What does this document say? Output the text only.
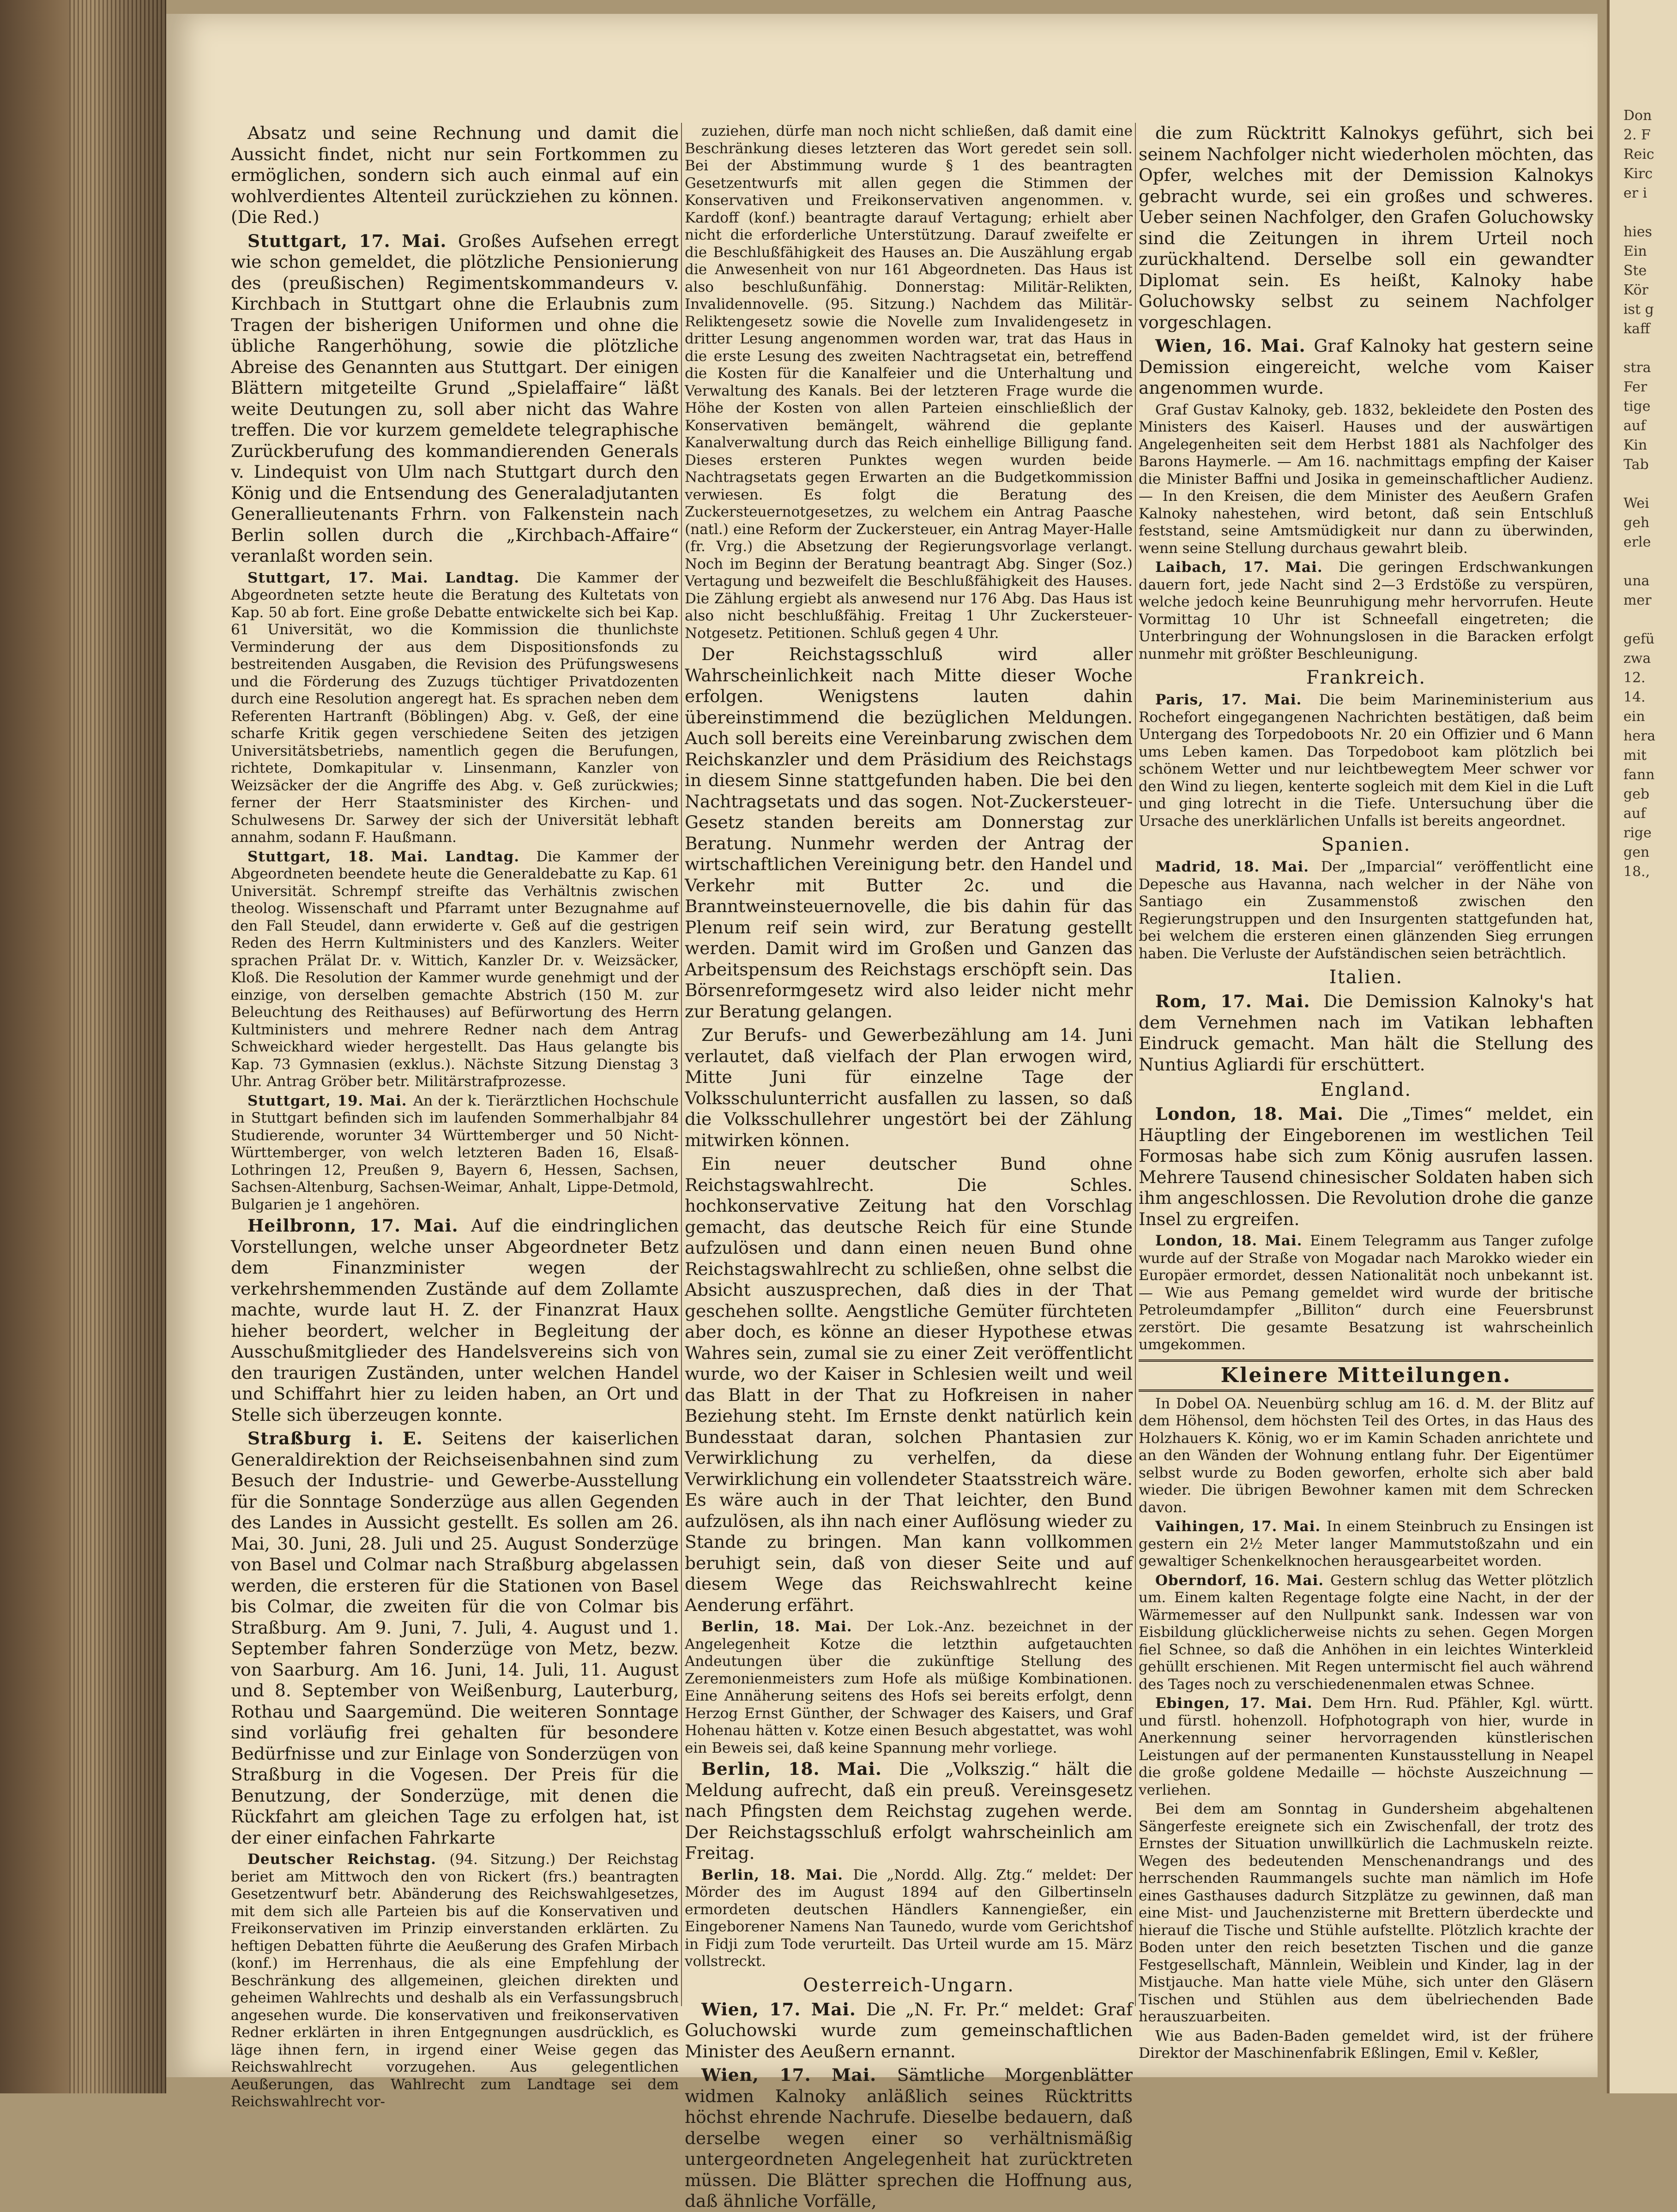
Absatz und seine Rechnung und damit die Aussicht findet, nicht nur sein Fortkommen zu ermöglichen, sondern sich auch einmal auf ein wohlverdientes Altenteil zurückziehen zu können. (Die Red.)

Stuttgart, 17. Mai. Großes Aufsehen erregt wie schon gemeldet, die plötzliche Pensionierung des (preußischen) Regimentskommandeurs v. Kirchbach in Stuttgart ohne die Erlaubnis zum Tragen der bisherigen Uniformen und ohne die übliche Rangerhöhung, sowie die plötzliche Abreise des Genannten aus Stuttgart. Der einigen Blättern mitgeteilte Grund „Spielaffaire“ läßt weite Deutungen zu, soll aber nicht das Wahre treffen. Die vor kurzem gemeldete telegraphische Zurückberufung des kommandierenden Generals v. Lindequist von Ulm nach Stuttgart durch den König und die Entsendung des Generaladjutanten Generallieutenants Frhrn. von Falkenstein nach Berlin sollen durch die „Kirchbach-Affaire“ veranlaßt worden sein.

Stuttgart, 17. Mai. Landtag. Die Kammer der Abgeordneten setzte heute die Beratung des Kultetats von Kap. 50 ab fort. Eine große Debatte entwickelte sich bei Kap. 61 Universität, wo die Kommission die thunlichste Verminderung der aus dem Dispositionsfonds zu bestreitenden Ausgaben, die Revision des Prüfungswesens und die Förderung des Zuzugs tüchtiger Privatdozenten durch eine Resolution angeregt hat. Es sprachen neben dem Referenten Hartranft (Böblingen) Abg. v. Geß, der eine scharfe Kritik gegen verschiedene Seiten des jetzigen Universitätsbetriebs, namentlich gegen die Berufungen, richtete, Domkapitular v. Linsenmann, Kanzler von Weizsäcker der die Angriffe des Abg. v. Geß zurückwies; ferner der Herr Staatsminister des Kirchen- und Schulwesens Dr. Sarwey der sich der Universität lebhaft annahm, sodann F. Haußmann.

Stuttgart, 18. Mai. Landtag. Die Kammer der Abgeordneten beendete heute die Generaldebatte zu Kap. 61 Universität. Schrempf streifte das Verhältnis zwischen theolog. Wissenschaft und Pfarramt unter Bezugnahme auf den Fall Steudel, dann erwiderte v. Geß auf die gestrigen Reden des Herrn Kultministers und des Kanzlers. Weiter sprachen Prälat Dr. v. Wittich, Kanzler Dr. v. Weizsäcker, Kloß. Die Resolution der Kammer wurde genehmigt und der einzige, von derselben gemachte Abstrich (150 M. zur Beleuchtung des Reithauses) auf Befürwortung des Herrn Kultministers und mehrere Redner nach dem Antrag Schweickhard wieder hergestellt. Das Haus gelangte bis Kap. 73 Gymnasien (exklus.). Nächste Sitzung Dienstag 3 Uhr. Antrag Gröber betr. Militärstrafprozesse.

Stuttgart, 19. Mai. An der k. Tierärztlichen Hochschule in Stuttgart befinden sich im laufenden Sommerhalbjahr 84 Studierende, worunter 34 Württemberger und 50 Nicht-Württemberger, von welch letzteren Baden 16, Elsaß-Lothringen 12, Preußen 9, Bayern 6, Hessen, Sachsen, Sachsen-Altenburg, Sachsen-Weimar, Anhalt, Lippe-Detmold, Bulgarien je 1 angehören.

Heilbronn, 17. Mai. Auf die eindringlichen Vorstellungen, welche unser Abgeordneter Betz dem Finanzminister wegen der verkehrshemmenden Zustände auf dem Zollamte machte, wurde laut H. Z. der Finanzrat Haux hieher beordert, welcher in Begleitung der Ausschußmitglieder des Handelsvereins sich von den traurigen Zuständen, unter welchen Handel und Schiffahrt hier zu leiden haben, an Ort und Stelle sich überzeugen konnte.

Straßburg i. E. Seitens der kaiserlichen Generaldirektion der Reichseisenbahnen sind zum Besuch der Industrie- und Gewerbe-Ausstellung für die Sonntage Sonderzüge aus allen Gegenden des Landes in Aussicht gestellt. Es sollen am 26. Mai, 30. Juni, 28. Juli und 25. August Sonderzüge von Basel und Colmar nach Straßburg abgelassen werden, die ersteren für die Stationen von Basel bis Colmar, die zweiten für die von Colmar bis Straßburg. Am 9. Juni, 7. Juli, 4. August und 1. September fahren Sonderzüge von Metz, bezw. von Saarburg. Am 16. Juni, 14. Juli, 11. August und 8. September von Weißenburg, Lauterburg, Rothau und Saargemünd. Die weiteren Sonntage sind vorläufig frei gehalten für besondere Bedürfnisse und zur Einlage von Sonderzügen von Straßburg in die Vogesen. Der Preis für die Benutzung, der Sonderzüge, mit denen die Rückfahrt am gleichen Tage zu erfolgen hat, ist der einer einfachen Fahrkarte

Deutscher Reichstag. (94. Sitzung.) Der Reichstag beriet am Mittwoch den von Rickert (frs.) beantragten Gesetzentwurf betr. Abänderung des Reichswahlgesetzes, mit dem sich alle Parteien bis auf die Konservativen und Freikonservativen im Prinzip einverstanden erklärten. Zu heftigen Debatten führte die Aeußerung des Grafen Mirbach (konf.) im Herrenhaus, die als eine Empfehlung der Beschränkung des allgemeinen, gleichen direkten und geheimen Wahlrechts und deshalb als ein Verfassungsbruch angesehen wurde. Die konservativen und freikonservativen Redner erklärten in ihren Entgegnungen ausdrücklich, es läge ihnen fern, in irgend einer Weise gegen das Reichswahlrecht vorzugehen. Aus gelegentlichen Aeußerungen, das Wahlrecht zum Landtage sei dem Reichswahlrecht vor-

zuziehen, dürfe man noch nicht schließen, daß damit eine Beschränkung dieses letzteren das Wort geredet sein soll. Bei der Abstimmung wurde § 1 des beantragten Gesetzentwurfs mit allen gegen die Stimmen der Konservativen und Freikonservativen angenommen. v. Kardoff (konf.) beantragte darauf Vertagung; erhielt aber nicht die erforderliche Unterstützung. Darauf zweifelte er die Beschlußfähigkeit des Hauses an. Die Auszählung ergab die Anwesenheit von nur 161 Abgeordneten. Das Haus ist also beschlußunfähig. Donnerstag: Militär-Relikten, Invalidennovelle. (95. Sitzung.) Nachdem das Militär-Reliktengesetz sowie die Novelle zum Invalidengesetz in dritter Lesung angenommen worden war, trat das Haus in die erste Lesung des zweiten Nachtragsetat ein, betreffend die Kosten für die Kanalfeier und die Unterhaltung und Verwaltung des Kanals. Bei der letzteren Frage wurde die Höhe der Kosten von allen Parteien einschließlich der Konservativen bemängelt, während die geplante Kanalverwaltung durch das Reich einhellige Billigung fand. Dieses ersteren Punktes wegen wurden beide Nachtragsetats gegen Erwarten an die Budgetkommission verwiesen. Es folgt die Beratung des Zuckersteuernotgesetzes, zu welchem ein Antrag Paasche (natl.) eine Reform der Zuckersteuer, ein Antrag Mayer-Halle (fr. Vrg.) die Absetzung der Regierungsvorlage verlangt. Noch im Beginn der Beratung beantragt Abg. Singer (Soz.) Vertagung und bezweifelt die Beschlußfähigkeit des Hauses. Die Zählung ergiebt als anwesend nur 176 Abg. Das Haus ist also nicht beschlußfähig. Freitag 1 Uhr Zuckersteuer-Notgesetz. Petitionen. Schluß gegen 4 Uhr.

Der Reichstagsschluß wird aller Wahrscheinlichkeit nach Mitte dieser Woche erfolgen. Wenigstens lauten dahin übereinstimmend die bezüglichen Meldungen. Auch soll bereits eine Vereinbarung zwischen dem Reichskanzler und dem Präsidium des Reichstags in diesem Sinne stattgefunden haben. Die bei den Nachtragsetats und das sogen. Not-Zuckersteuer-Gesetz standen bereits am Donnerstag zur Beratung. Nunmehr werden der Antrag der wirtschaftlichen Vereinigung betr. den Handel und Verkehr mit Butter 2c. und die Branntweinsteuernovelle, die bis dahin für das Plenum reif sein wird, zur Beratung gestellt werden. Damit wird im Großen und Ganzen das Arbeitspensum des Reichstags erschöpft sein. Das Börsenreformgesetz wird also leider nicht mehr zur Beratung gelangen.

Zur Berufs- und Gewerbezählung am 14. Juni verlautet, daß vielfach der Plan erwogen wird, Mitte Juni für einzelne Tage der Volksschulunterricht ausfallen zu lassen, so daß die Volksschullehrer ungestört bei der Zählung mitwirken können.

Ein neuer deutscher Bund ohne Reichstagswahlrecht. Die Schles. hochkonservative Zeitung hat den Vorschlag gemacht, das deutsche Reich für eine Stunde aufzulösen und dann einen neuen Bund ohne Reichstagswahlrecht zu schließen, ohne selbst die Absicht auszusprechen, daß dies in der That geschehen sollte. Aengstliche Gemüter fürchteten aber doch, es könne an dieser Hypothese etwas Wahres sein, zumal sie zu einer Zeit veröffentlicht wurde, wo der Kaiser in Schlesien weilt und weil das Blatt in der That zu Hofkreisen in naher Beziehung steht. Im Ernste denkt natürlich kein Bundesstaat daran, solchen Phantasien zur Verwirklichung zu verhelfen, da diese Verwirklichung ein vollendeter Staatsstreich wäre. Es wäre auch in der That leichter, den Bund aufzulösen, als ihn nach einer Auflösung wieder zu Stande zu bringen. Man kann vollkommen beruhigt sein, daß von dieser Seite und auf diesem Wege das Reichswahlrecht keine Aenderung erfährt.

Berlin, 18. Mai. Der Lok.-Anz. bezeichnet in der Angelegenheit Kotze die letzthin aufgetauchten Andeutungen über die zukünftige Stellung des Zeremonienmeisters zum Hofe als müßige Kombinationen. Eine Annäherung seitens des Hofs sei bereits erfolgt, denn Herzog Ernst Günther, der Schwager des Kaisers, und Graf Hohenau hätten v. Kotze einen Besuch abgestattet, was wohl ein Beweis sei, daß keine Spannung mehr vorliege.

Berlin, 18. Mai. Die „Volkszig.“ hält die Meldung aufrecht, daß ein preuß. Vereinsgesetz nach Pfingsten dem Reichstag zugehen werde. Der Reichstagsschluß erfolgt wahrscheinlich am Freitag.

Berlin, 18. Mai. Die „Nordd. Allg. Ztg.“ meldet: Der Mörder des im August 1894 auf den Gilbertinseln ermordeten deutschen Händlers Kannengießer, ein Eingeborener Namens Nan Taunedo, wurde vom Gerichtshof in Fidji zum Tode verurteilt. Das Urteil wurde am 15. März vollstreckt.

Oesterreich-Ungarn.

Wien, 17. Mai. Die „N. Fr. Pr.“ meldet: Graf Goluchowski wurde zum gemeinschaftlichen Minister des Aeußern ernannt.

Wien, 17. Mai. Sämtliche Morgenblätter widmen Kalnoky anläßlich seines Rücktritts höchst ehrende Nachrufe. Dieselbe bedauern, daß derselbe wegen einer so verhältnismäßig untergeordneten Angelegenheit hat zurücktreten müssen. Die Blätter sprechen die Hoffnung aus, daß ähnliche Vorfälle,

die zum Rücktritt Kalnokys geführt, sich bei seinem Nachfolger nicht wiederholen möchten, das Opfer, welches mit der Demission Kalnokys gebracht wurde, sei ein großes und schweres. Ueber seinen Nachfolger, den Grafen Goluchowsky sind die Zeitungen in ihrem Urteil noch zurückhaltend. Derselbe soll ein gewandter Diplomat sein. Es heißt, Kalnoky habe Goluchowsky selbst zu seinem Nachfolger vorgeschlagen.

Wien, 16. Mai. Graf Kalnoky hat gestern seine Demission eingereicht, welche vom Kaiser angenommen wurde.

Graf Gustav Kalnoky, geb. 1832, bekleidete den Posten des Ministers des Kaiserl. Hauses und der auswärtigen Angelegenheiten seit dem Herbst 1881 als Nachfolger des Barons Haymerle. — Am 16. nachmittags empfing der Kaiser die Minister Baffni und Josika in gemeinschaftlicher Audienz. — In den Kreisen, die dem Minister des Aeußern Grafen Kalnoky nahestehen, wird betont, daß sein Entschluß feststand, seine Amtsmüdigkeit nur dann zu überwinden, wenn seine Stellung durchaus gewahrt bleib.

Laibach, 17. Mai. Die geringen Erdschwankungen dauern fort, jede Nacht sind 2—3 Erdstöße zu verspüren, welche jedoch keine Beunruhigung mehr hervorrufen. Heute Vormittag 10 Uhr ist Schneefall eingetreten; die Unterbringung der Wohnungslosen in die Baracken erfolgt nunmehr mit größter Beschleunigung.

Frankreich.

Paris, 17. Mai. Die beim Marineministerium aus Rochefort eingegangenen Nachrichten bestätigen, daß beim Untergang des Torpedoboots Nr. 20 ein Offizier und 6 Mann ums Leben kamen. Das Torpedoboot kam plötzlich bei schönem Wetter und nur leichtbewegtem Meer schwer vor den Wind zu liegen, kenterte sogleich mit dem Kiel in die Luft und ging lotrecht in die Tiefe. Untersuchung über die Ursache des unerklärlichen Unfalls ist bereits angeordnet.

Spanien.

Madrid, 18. Mai. Der „Imparcial“ veröffentlicht eine Depesche aus Havanna, nach welcher in der Nähe von Santiago ein Zusammenstoß zwischen den Regierungstruppen und den Insurgenten stattgefunden hat, bei welchem die ersteren einen glänzenden Sieg errungen haben. Die Verluste der Aufständischen seien beträchtlich.

Italien.

Rom, 17. Mai. Die Demission Kalnoky's hat dem Vernehmen nach im Vatikan lebhaften Eindruck gemacht. Man hält die Stellung des Nuntius Agliardi für erschüttert.

England.

London, 18. Mai. Die „Times“ meldet, ein Häuptling der Eingeborenen im westlichen Teil Formosas habe sich zum König ausrufen lassen. Mehrere Tausend chinesischer Soldaten haben sich ihm angeschlossen. Die Revolution drohe die ganze Insel zu ergreifen.

London, 18. Mai. Einem Telegramm aus Tanger zufolge wurde auf der Straße von Mogadar nach Marokko wieder ein Europäer ermordet, dessen Nationalität noch unbekannt ist. — Wie aus Pemang gemeldet wird wurde der britische Petroleumdampfer „Billiton“ durch eine Feuersbrunst zerstört. Die gesamte Besatzung ist wahrscheinlich umgekommen.

Kleinere Mitteilungen.

In Dobel OA. Neuenbürg schlug am 16. d. M. der Blitz auf dem Höhensol, dem höchsten Teil des Ortes, in das Haus des Holzhauers K. König, wo er im Kamin Schaden anrichtete und an den Wänden der Wohnung entlang fuhr. Der Eigentümer selbst wurde zu Boden geworfen, erholte sich aber bald wieder. Die übrigen Bewohner kamen mit dem Schrecken davon.

Vaihingen, 17. Mai. In einem Steinbruch zu Ensingen ist gestern ein 2½ Meter langer Mammutstoßzahn und ein gewaltiger Schenkelknochen herausgearbeitet worden.

Oberndorf, 16. Mai. Gestern schlug das Wetter plötzlich um. Einem kalten Regentage folgte eine Nacht, in der der Wärmemesser auf den Nullpunkt sank. Indessen war von Eisbildung glücklicherweise nichts zu sehen. Gegen Morgen fiel Schnee, so daß die Anhöhen in ein leichtes Winterkleid gehüllt erschienen. Mit Regen untermischt fiel auch während des Tages noch zu verschiedenenmalen etwas Schnee.

Ebingen, 17. Mai. Dem Hrn. Rud. Pfähler, Kgl. württ. und fürstl. hohenzoll. Hofphotograph von hier, wurde in Anerkennung seiner hervorragenden künstlerischen Leistungen auf der permanenten Kunstausstellung in Neapel die große goldene Medaille — höchste Auszeichnung — verliehen.

Bei dem am Sonntag in Gundersheim abgehaltenen Sängerfeste ereignete sich ein Zwischenfall, der trotz des Ernstes der Situation unwillkürlich die Lachmuskeln reizte. Wegen des bedeutenden Menschenandrangs und des herrschenden Raummangels suchte man nämlich im Hofe eines Gasthauses dadurch Sitzplätze zu gewinnen, daß man eine Mist- und Jauchenzisterne mit Brettern überdeckte und hierauf die Tische und Stühle aufstellte. Plötzlich krachte der Boden unter den reich besetzten Tischen und die ganze Festgesellschaft, Männlein, Weiblein und Kinder, lag in der Mistjauche. Man hatte viele Mühe, sich unter den Gläsern Tischen und Stühlen aus dem übelriechenden Bade herauszuarbeiten.

Wie aus Baden-Baden gemeldet wird, ist der frühere Direktor der Maschinenfabrik Eßlingen, Emil v. Keßler,

Don
2. F
Reic
Kirc
er i

hies
Ein
Ste
Kör
ist g
kaff

stra
Fer
tige
auf
Kin
Tab

Wei
geh
erle

una
mer

gefü
zwa
12.
14.
ein
hera
mit
fann
geb
auf
rige
gen
18.,
